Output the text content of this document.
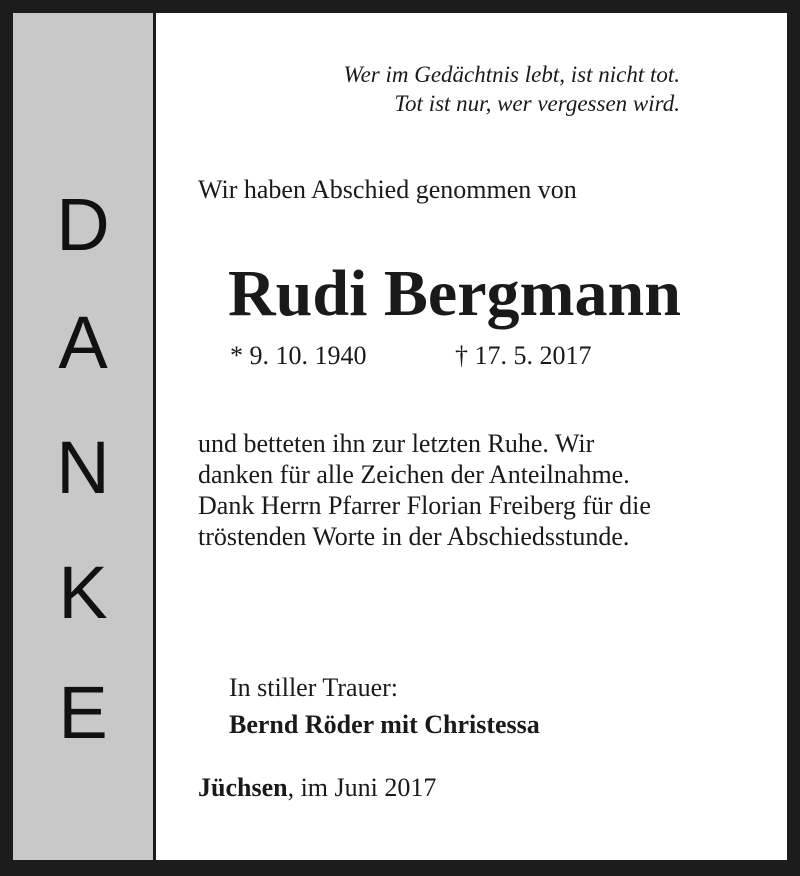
D
A
N
K
E
Wer im Gedächtnis lebt, ist nicht tot.
Tot ist nur, wer vergessen wird.
Wir haben Abschied genommen von
Rudi Bergmann
* 9. 10. 1940	† 17. 5. 2017
und betteten ihn zur letzten Ruhe. Wir
danken für alle Zeichen der Anteilnahme.
Dank Herrn Pfarrer Florian Freiberg für die
tröstenden Worte in der Abschiedsstunde.
In stiller Trauer:
Bernd Röder mit Christessa
Jüchsen, im Juni 2017
